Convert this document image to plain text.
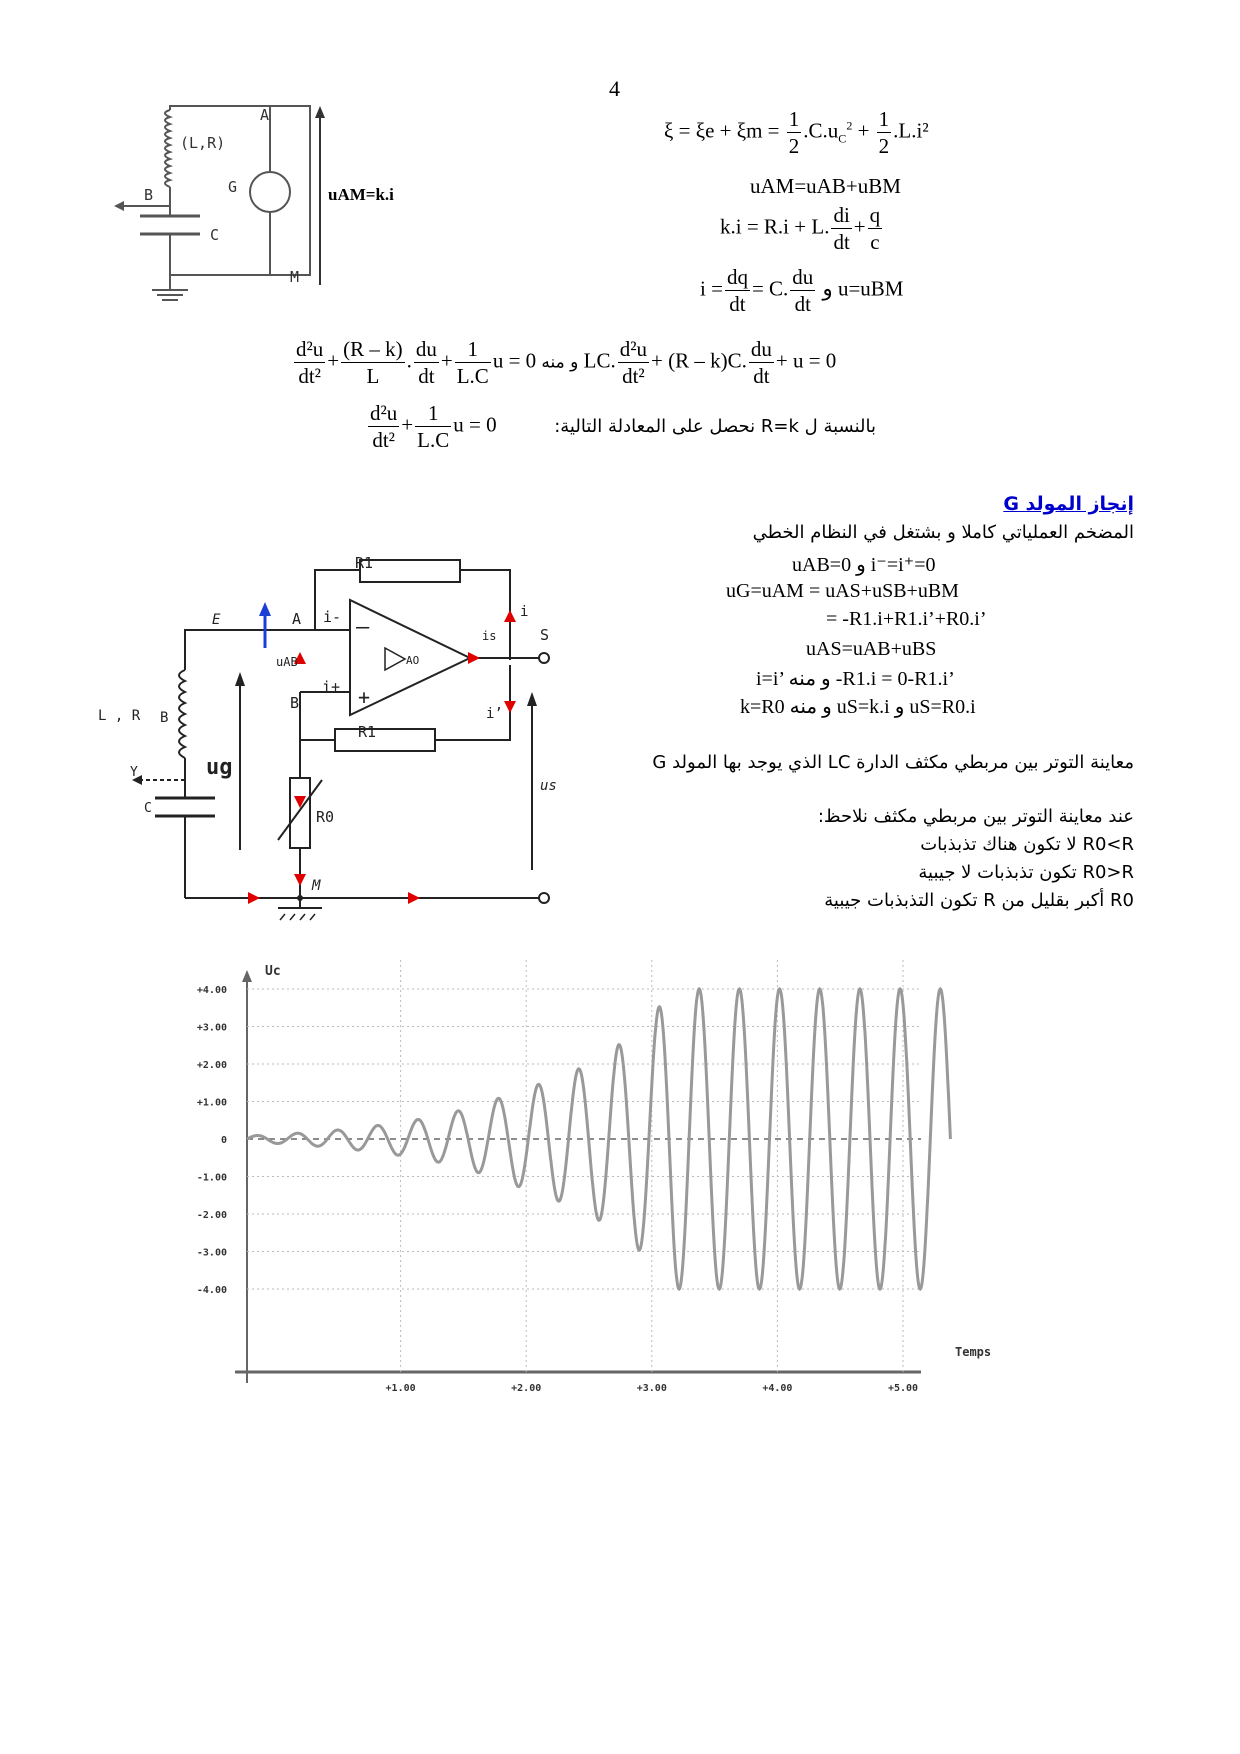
4
(L,R)
A
B
C
G
M
uAM=k.i
$\xi = \xi e + \xi m = \frac{1}{2} .C.u_C^2 + \frac{1}{2} .L.i^2$
uAM=uAB+uBM
k.i = R.i + L. $\frac{di}{dt} + \frac{q}{c}$
$i = \frac{dq}{dt} = C$. $\frac{du}{dt}$ و u=uBM
$\frac{\text{d²u}}{\text{dt²}} + \frac{(R - k)}{L}$ . $\frac{du}{dt} + \frac{1}{L.C}$ u = 0 و منه LC. $\frac{\text{d²u}}{\text{dt²}} + (R - k)C$. $\frac{du}{dt} + u = 0$
$\frac{\text{d²u}}{\text{dt²}} + \frac{1}{L.C}$ u = 0	بالنسبة ل R=k نحصل على المعادلة التالية:
إنجاز المولد G
المضخم العملياتي كاملا و بشتغل في النظام الخطي
uAB=0 و i⁻=i⁺=0
uG=uAM = uAS+uSB+uBM
= -R1.i+R1.i’+R0.i’
uAS=uAB+uBS
i=i’ و منه -R1.i = 0-R1.i’
k=R0 و منه uS=k.i و uS=R0.i
معاينة التوتر بين مربطي مكثف الدارة LC الذي يوجد بها المولد G
عند معاينة التوتر بين مربطي مكثف نلاحظ:
R0<R لا تكون هناك تذبذبات
R0>R تكون تذبذبات لا جيبية
R0 أكبر بقليل من R تكون التذبذبات جيبية
R1
R1
R0
E	A i-
B
i+
uAB	AO
–
+
is	S
i
i’
L , R B
Y
C
ug
us
M
+4.00
+3.00
+2.00
+1.00
0
-1.00
-2.00
-3.00
-4.00
+1.00	+2.00	+3.00	+4.00	+5.00
Uc
Temps
